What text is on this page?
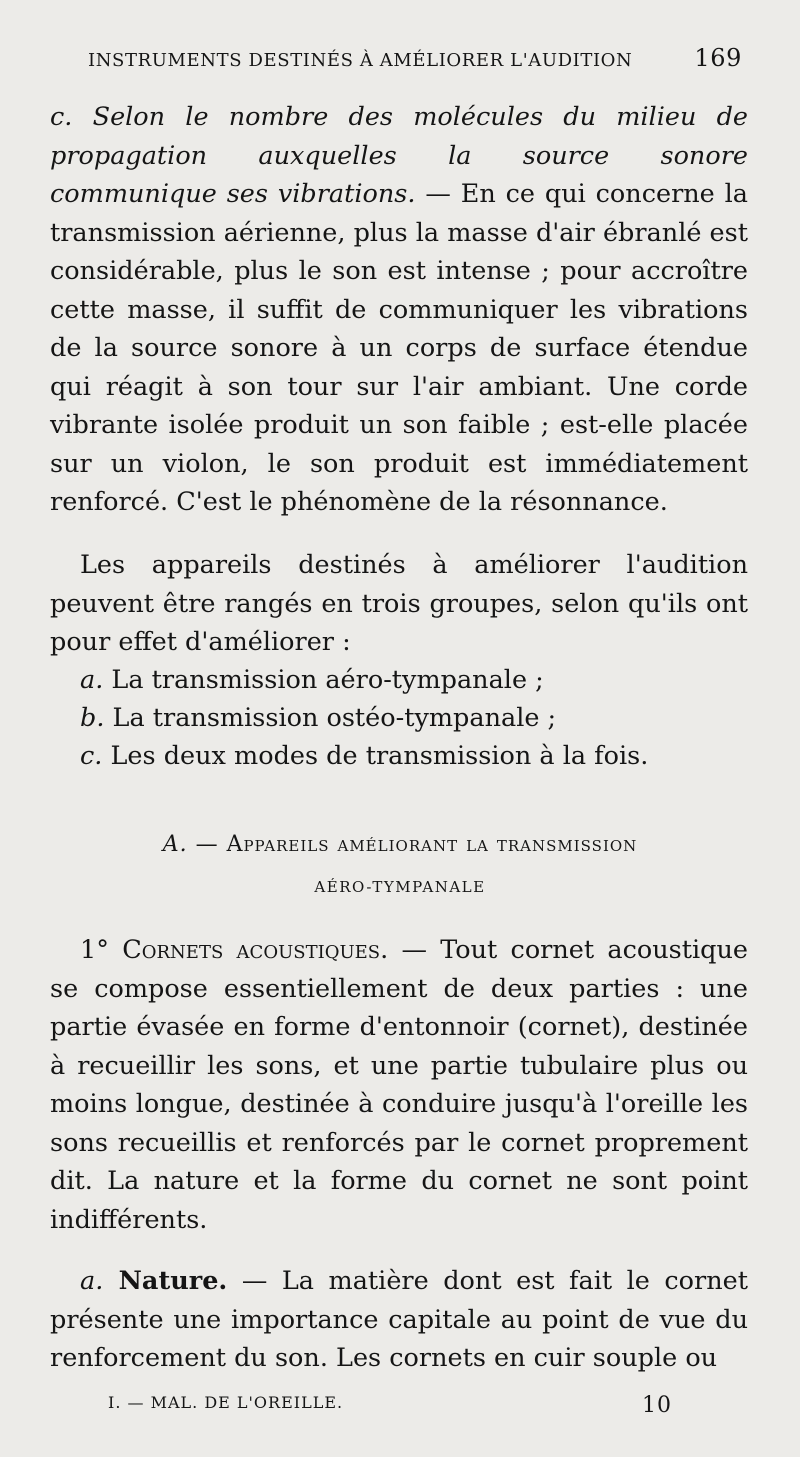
INSTRUMENTS DESTINÉS À AMÉLIORER L'AUDITION	169

c. Selon le nombre des molécules du milieu de propagation auxquelles la source sonore communique ses vibrations. — En ce qui concerne la transmission aérienne, plus la masse d'air ébranlé est considérable, plus le son est intense ; pour accroître cette masse, il suffit de communiquer les vibrations de la source sonore à un corps de surface étendue qui réagit à son tour sur l'air ambiant. Une corde vibrante isolée produit un son faible ; est-elle placée sur un violon, le son produit est immédiatement renforcé. C'est le phénomène de la résonnance.

Les appareils destinés à améliorer l'audition peuvent être rangés en trois groupes, selon qu'ils ont pour effet d'améliorer :

a. La transmission aéro-tympanale ;

b. La transmission ostéo-tympanale ;

c. Les deux modes de transmission à la fois.

A. — Appareils améliorant la transmission
AÉRO-TYMPANALE

1° Cornets acoustiques. — Tout cornet acoustique se compose essentiellement de deux parties : une partie évasée en forme d'entonnoir (cornet), destinée à recueillir les sons, et une partie tubulaire plus ou moins longue, destinée à conduire jusqu'à l'oreille les sons recueillis et renforcés par le cornet proprement dit. La nature et la forme du cornet ne sont point indifférents.

a. Nature. — La matière dont est fait le cornet présente une importance capitale au point de vue du renforcement du son. Les cornets en cuir souple ou

I. — MAL. DE L'OREILLE.	10
